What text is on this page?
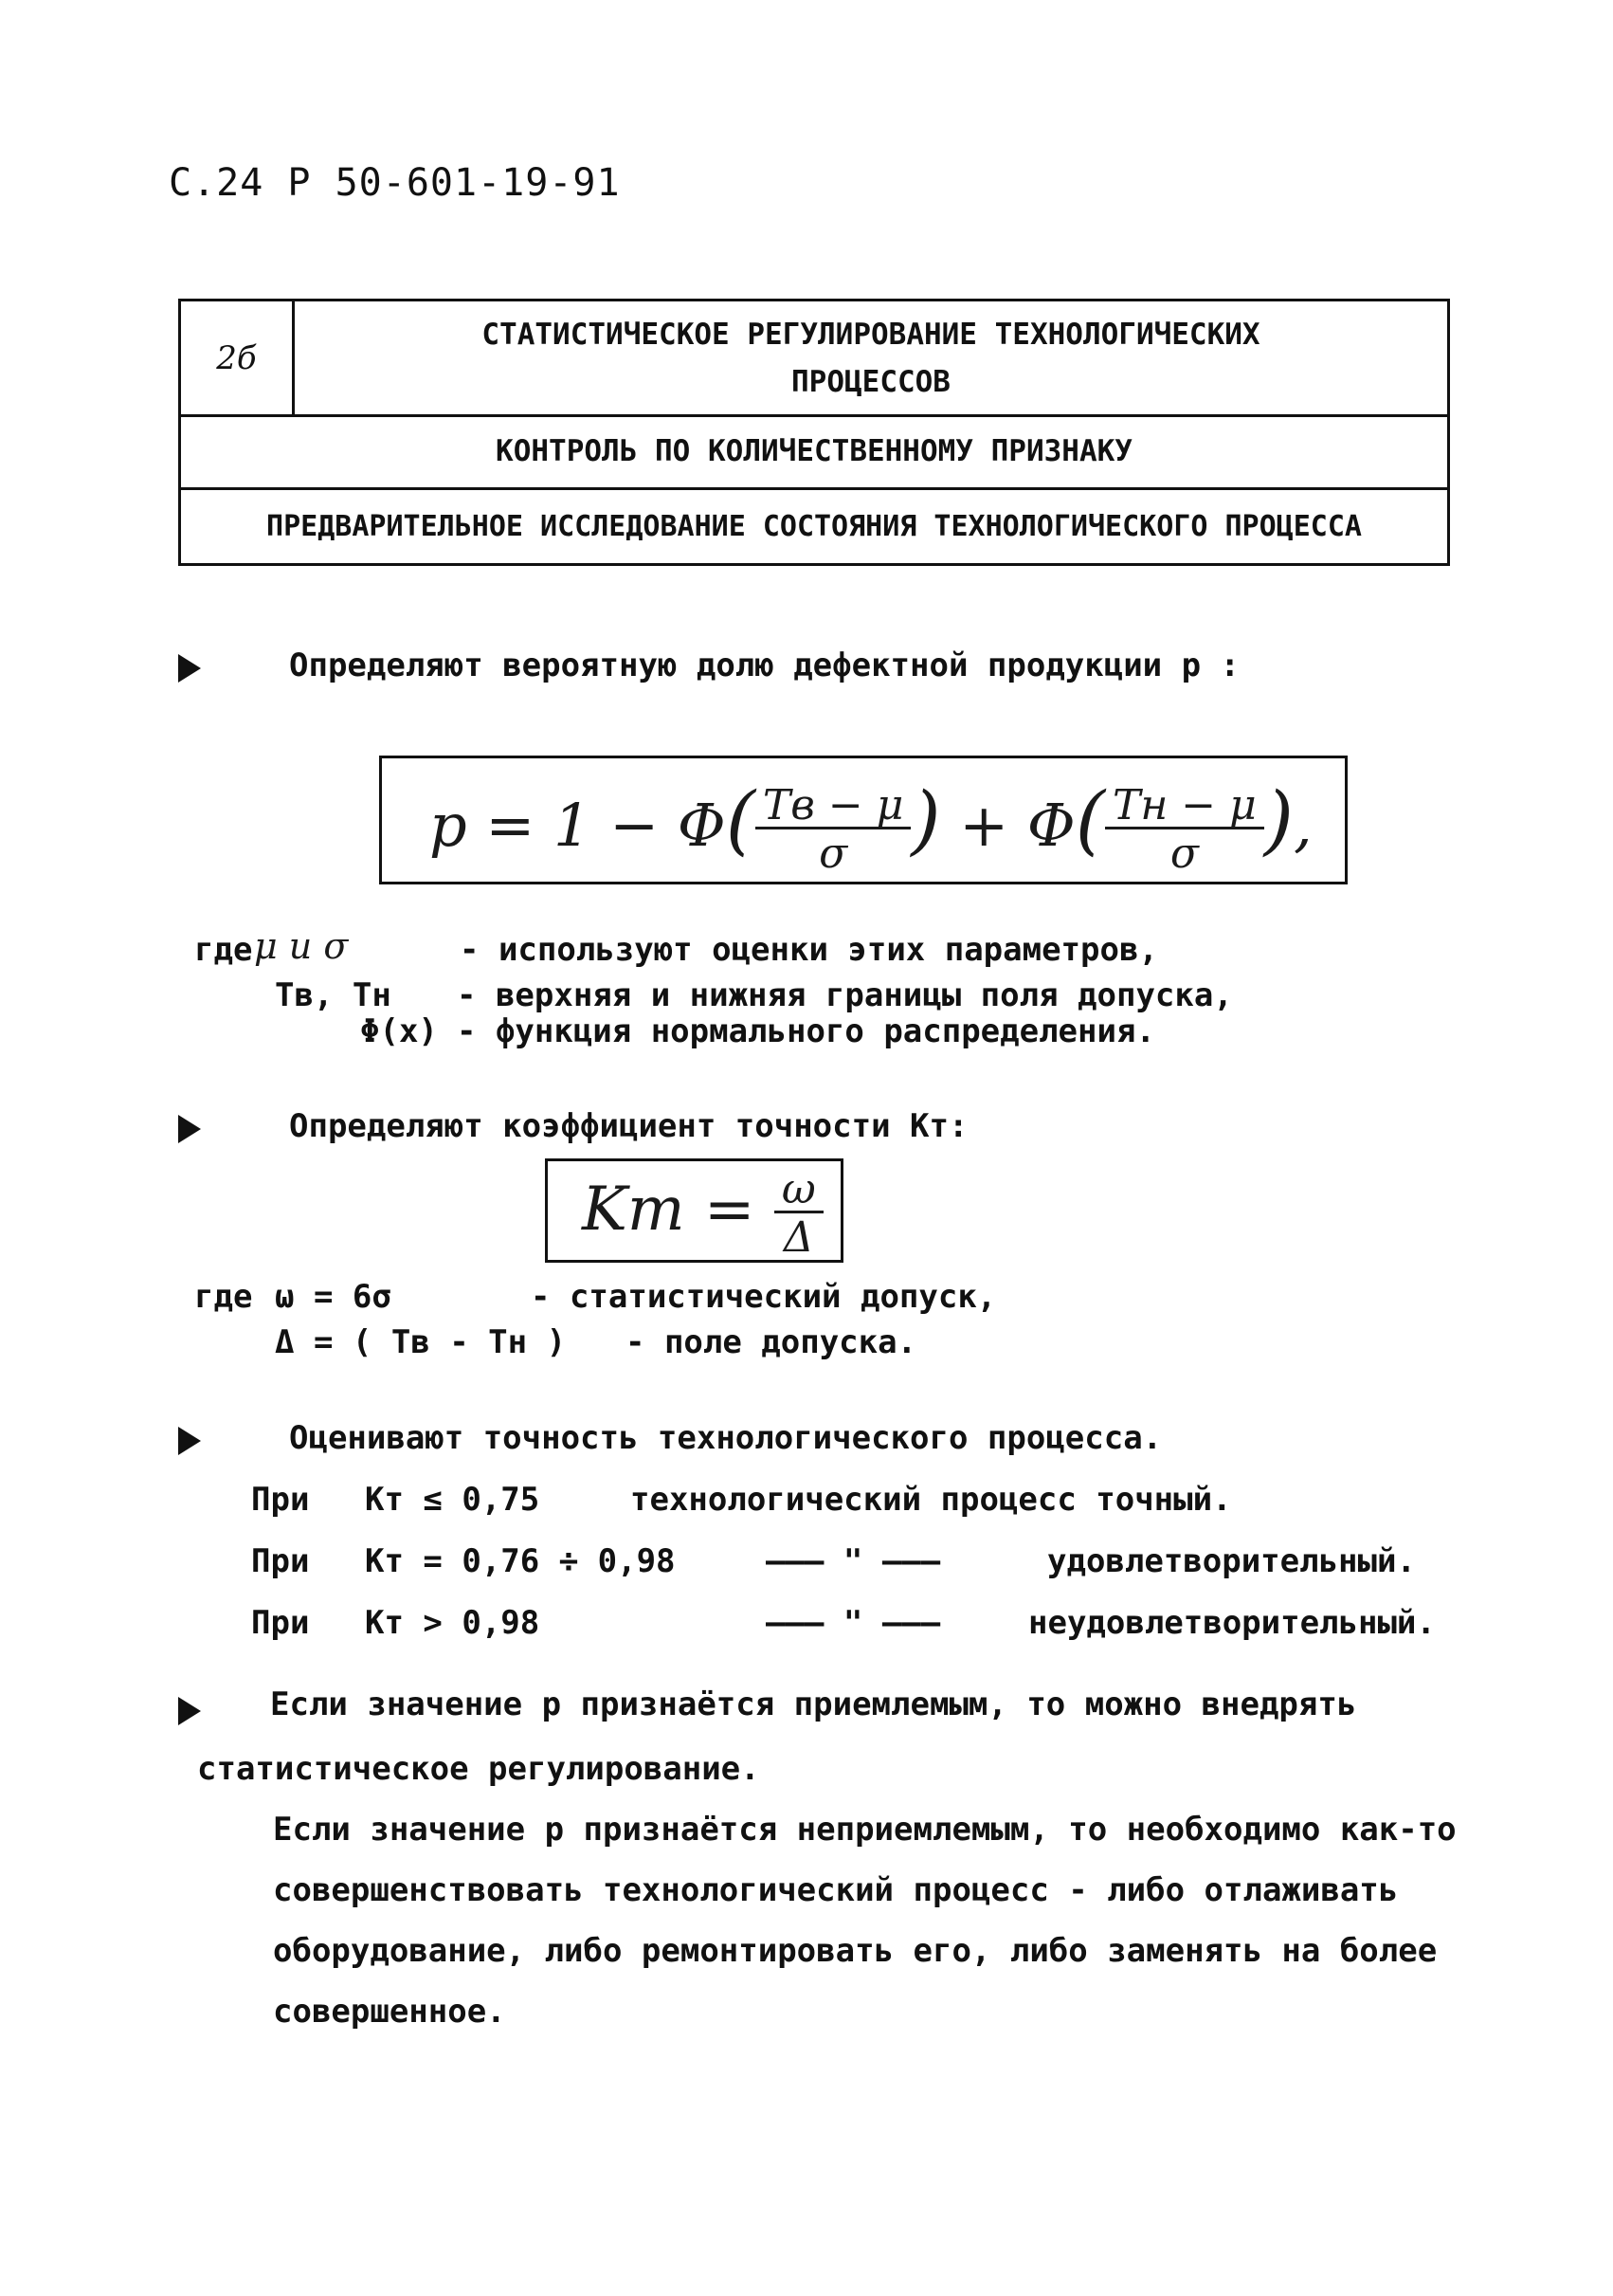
С.24 Р 50-601-19-91
2б
СТАТИСТИЧЕСКОЕ РЕГУЛИРОВАНИЕ ТЕХНОЛОГИЧЕСКИХ
ПРОЦЕССОВ
КОНТРОЛЬ ПО КОЛИЧЕСТВЕННОМУ ПРИЗНАКУ
ПРЕДВАРИТЕЛЬНОЕ ИССЛЕДОВАНИЕ СОСТОЯНИЯ ТЕХНОЛОГИЧЕСКОГО ПРОЦЕССА
Определяют вероятную долю дефектной продукции p :
$p = 1 - \Phi( \frac{Tв - \mu}{\sigma}$ ) + $\Phi( \frac{Tн - \mu}{\sigma}$ ),
где μ и σ	- используют оценки этих параметров,
Tв, Tн - верхняя и нижняя границы поля допуска,
Φ(x) - функция нормального распределения.
Определяют коэффициент точности Kт:
Kт = $\frac{\omega}{\Delta}$
где ω = 6σ	- статистический допуск,
Δ = ( Tв - Tн ) - поле допуска.
Оценивают точность технологического процесса.
При Kт ≤ 0,75	технологический процесс точный.
При Kт = 0,76 ÷ 0,98	——— " ———	удовлетворительный.
При Kт > 0,98	——— " ———	неудовлетворительный.
Если значение p признаётся приемлемым, то можно внедрять
статистическое регулирование.
Если значение p признаётся неприемлемым, то необходимо как-то
совершенствовать технологический процесс - либо отлаживать
оборудование, либо ремонтировать его, либо заменять на более
совершенное.
